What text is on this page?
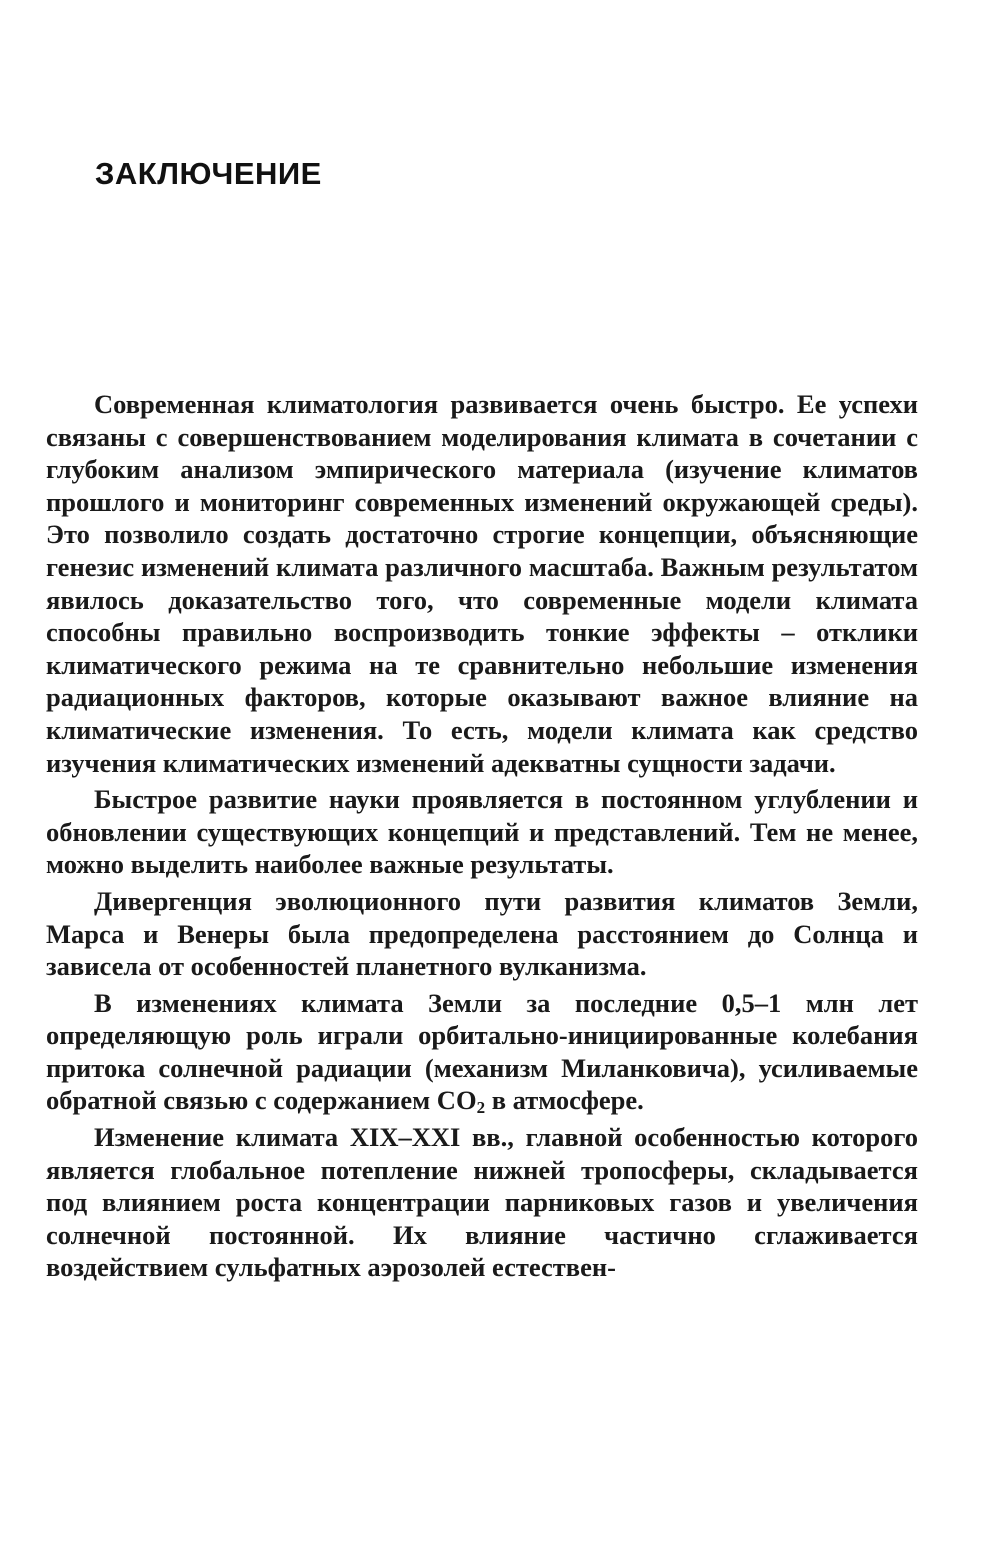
ЗАКЛЮЧЕНИЕ

Современная климатология развивается очень быстро. Ее успехи связаны с совершенствованием моделирования климата в сочетании с глубоким анализом эмпирического материала (изучение климатов прошлого и мониторинг современных изменений окружающей среды). Это позволило создать достаточно строгие концепции, объясняющие генезис изменений климата различного масштаба. Важным результатом явилось доказательство того, что современные модели климата способны правильно воспроизводить тонкие эффекты – отклики климатического режима на те сравнительно небольшие изменения радиационных факторов, которые оказывают важное влияние на климатические изменения. То есть, модели климата как средство изучения климатических изменений адекватны сущности задачи.

Быстрое развитие науки проявляется в постоянном углублении и обновлении существующих концепций и представлений. Тем не менее, можно выделить наиболее важные результаты.

Дивергенция эволюционного пути развития климатов Земли, Марса и Венеры была предопределена расстоянием до Солнца и зависела от особенностей планетного вулканизма.

В изменениях климата Земли за последние 0,5–1 млн лет определяющую роль играли орбитально-инициированные колебания притока солнечной радиации (механизм Миланковича), усиливаемые обратной связью с содержанием $CO_2$ в атмосфере.

Изменение климата XIX–XXI вв., главной особенностью которого является глобальное потепление нижней тропосферы, складывается под влиянием роста концентрации парниковых газов и увеличения солнечной постоянной. Их влияние частично сглаживается воздействием сульфатных аэрозолей естествен-
